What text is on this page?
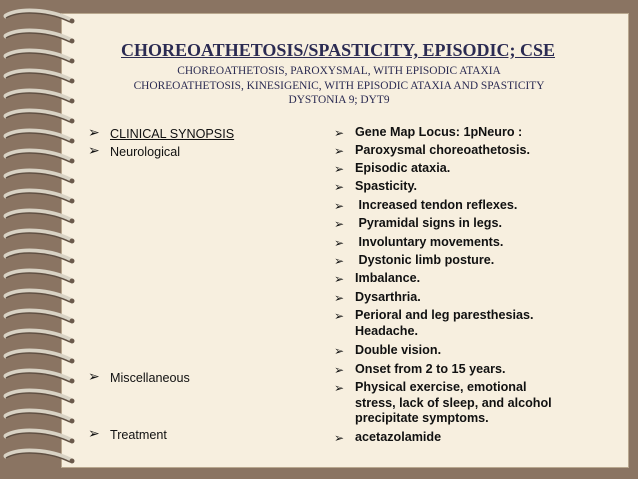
CHOREOATHETOSIS/SPASTICITY, EPISODIC; CSE
CHOREOATHETOSIS, PAROXYSMAL, WITH EPISODIC ATAXIA
CHOREOATHETOSIS, KINESIGENIC, WITH EPISODIC ATAXIA AND SPASTICITY
DYSTONIA 9; DYT9
➢ CLINICAL SYNOPSIS
➢ Neurological
➢ Miscellaneous
➢ Treatment
➢ Gene Map Locus: 1pNeuro :
➢ Paroxysmal choreoathetosis.
➢ Episodic ataxia.
➢ Spasticity.
➢ Increased tendon reflexes.
➢ Pyramidal signs in legs.
➢ Involuntary movements.
➢ Dystonic limb posture.
➢ Imbalance.
➢ Dysarthria.
➢ Perioral and leg paresthesias. Headache.
➢ Double vision.
➢ Onset from 2 to 15 years.
➢ Physical exercise, emotional stress, lack of sleep, and alcohol precipitate symptoms.
➢ acetazolamide
